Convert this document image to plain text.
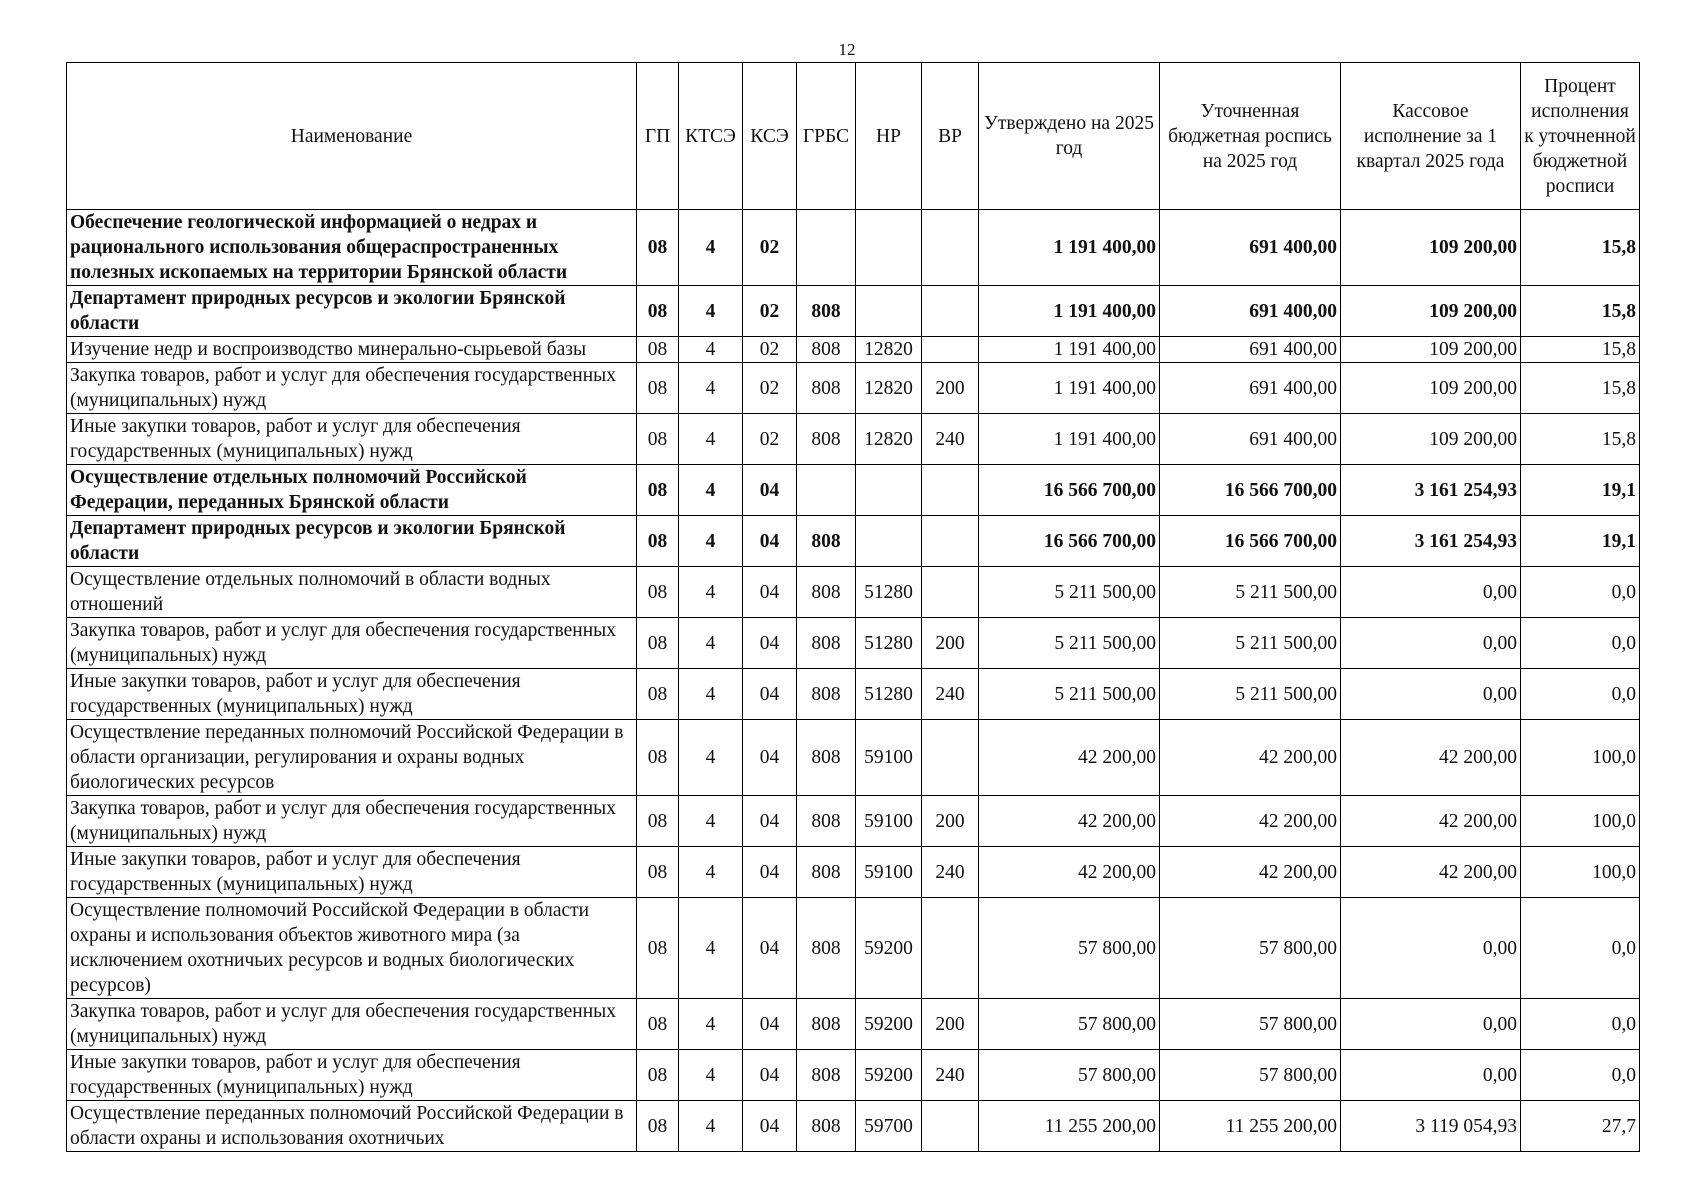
12
Наименование	ГП	КТСЭ	КСЭ	ГРБС	НР	ВР	Утверждено на 2025 год	Уточненная бюджетная роспись на 2025 год	Кассовое исполнение за 1 квартал 2025 года	Процент исполнения к уточненной бюджетной росписи
Обеспечение геологической информацией о недрах и рационального использования общераспространенных полезных ископаемых на территории Брянской области	08	4	02				1 191 400,00	691 400,00	109 200,00	15,8
Департамент природных ресурсов и экологии Брянской области	08	4	02	808			1 191 400,00	691 400,00	109 200,00	15,8
Изучение недр и воспроизводство минерально-сырьевой базы	08	4	02	808	12820		1 191 400,00	691 400,00	109 200,00	15,8
Закупка товаров, работ и услуг для обеспечения государственных (муниципальных) нужд	08	4	02	808	12820	200	1 191 400,00	691 400,00	109 200,00	15,8
Иные закупки товаров, работ и услуг для обеспечения государственных (муниципальных) нужд	08	4	02	808	12820	240	1 191 400,00	691 400,00	109 200,00	15,8
Осуществление отдельных полномочий Российской Федерации, переданных Брянской области	08	4	04				16 566 700,00	16 566 700,00	3 161 254,93	19,1
Департамент природных ресурсов и экологии Брянской области	08	4	04	808			16 566 700,00	16 566 700,00	3 161 254,93	19,1
Осуществление отдельных полномочий в области водных отношений	08	4	04	808	51280		5 211 500,00	5 211 500,00	0,00	0,0
Закупка товаров, работ и услуг для обеспечения государственных (муниципальных) нужд	08	4	04	808	51280	200	5 211 500,00	5 211 500,00	0,00	0,0
Иные закупки товаров, работ и услуг для обеспечения государственных (муниципальных) нужд	08	4	04	808	51280	240	5 211 500,00	5 211 500,00	0,00	0,0
Осуществление переданных полномочий Российской Федерации в области организации, регулирования и охраны водных биологических ресурсов	08	4	04	808	59100		42 200,00	42 200,00	42 200,00	100,0
Закупка товаров, работ и услуг для обеспечения государственных (муниципальных) нужд	08	4	04	808	59100	200	42 200,00	42 200,00	42 200,00	100,0
Иные закупки товаров, работ и услуг для обеспечения государственных (муниципальных) нужд	08	4	04	808	59100	240	42 200,00	42 200,00	42 200,00	100,0
Осуществление полномочий Российской Федерации в области охраны и использования объектов животного мира (за исключением охотничьих ресурсов и водных биологических ресурсов)	08	4	04	808	59200		57 800,00	57 800,00	0,00	0,0
Закупка товаров, работ и услуг для обеспечения государственных (муниципальных) нужд	08	4	04	808	59200	200	57 800,00	57 800,00	0,00	0,0
Иные закупки товаров, работ и услуг для обеспечения государственных (муниципальных) нужд	08	4	04	808	59200	240	57 800,00	57 800,00	0,00	0,0
Осуществление переданных полномочий Российской Федерации в области охраны и использования охотничьих	08	4	04	808	59700		11 255 200,00	11 255 200,00	3 119 054,93	27,7
